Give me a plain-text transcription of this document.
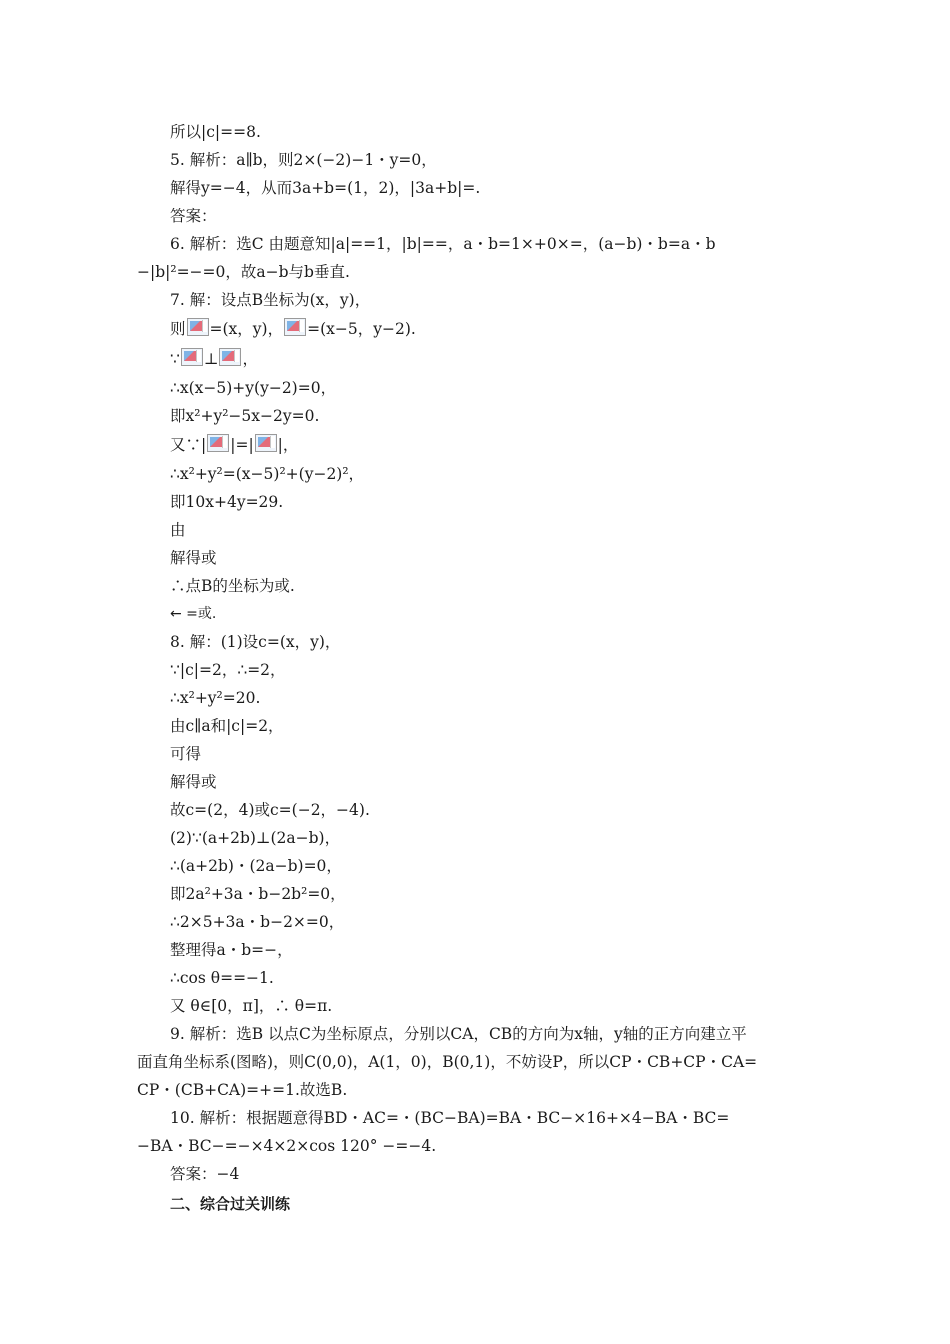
所以|c|==8.
5. 解析：a∥b，则2×(−2)−1・y=0，
解得y=−4，从而3a+b=(1，2)，|3a+b|=.
答案：
6. 解析：选C 由题意知|a|==1，|b|==，a・b=1×+0×=，(a−b)・b=a・b
−|b|²=−=0，故a−b与b垂直.
7. 解：设点B坐标为(x，y)，
则 =(x，y)， =(x−5，y−2).
∵ ⊥ ，
∴x(x−5)+y(y−2)=0，
即x²+y²−5x−2y=0.
又∵| |=| |，
∴x²+y²=(x−5)²+(y−2)²，
即10x+4y=29.
由
解得或
∴点B的坐标为或.
← =或.
8. 解：(1)设c=(x，y)，
∵|c|=2，∴=2，
∴x²+y²=20.
由c∥a和|c|=2，
可得
解得或
故c=(2，4)或c=(−2，−4).
(2)∵(a+2b)⊥(2a−b)，
∴(a+2b)・(2a−b)=0，
即2a²+3a・b−2b²=0，
∴2×5+3a・b−2×=0，
整理得a・b=−，
∴cos θ==−1.
又 θ∈[0，π]，∴ θ=π.
9. 解析：选B 以点C为坐标原点，分别以CA，CB的方向为x轴，y轴的正方向建立平
面直角坐标系(图略)，则C(0,0)，A(1，0)，B(0,1)，不妨设P，所以CP・CB+CP・CA=
CP・(CB+CA)=+=1.故选B.
10. 解析：根据题意得BD・AC=・(BC−BA)=BA・BC−×16+×4−BA・BC=
−BA・BC−=−×4×2×cos 120° −=−4.
答案：−4
二、综合过关训练
